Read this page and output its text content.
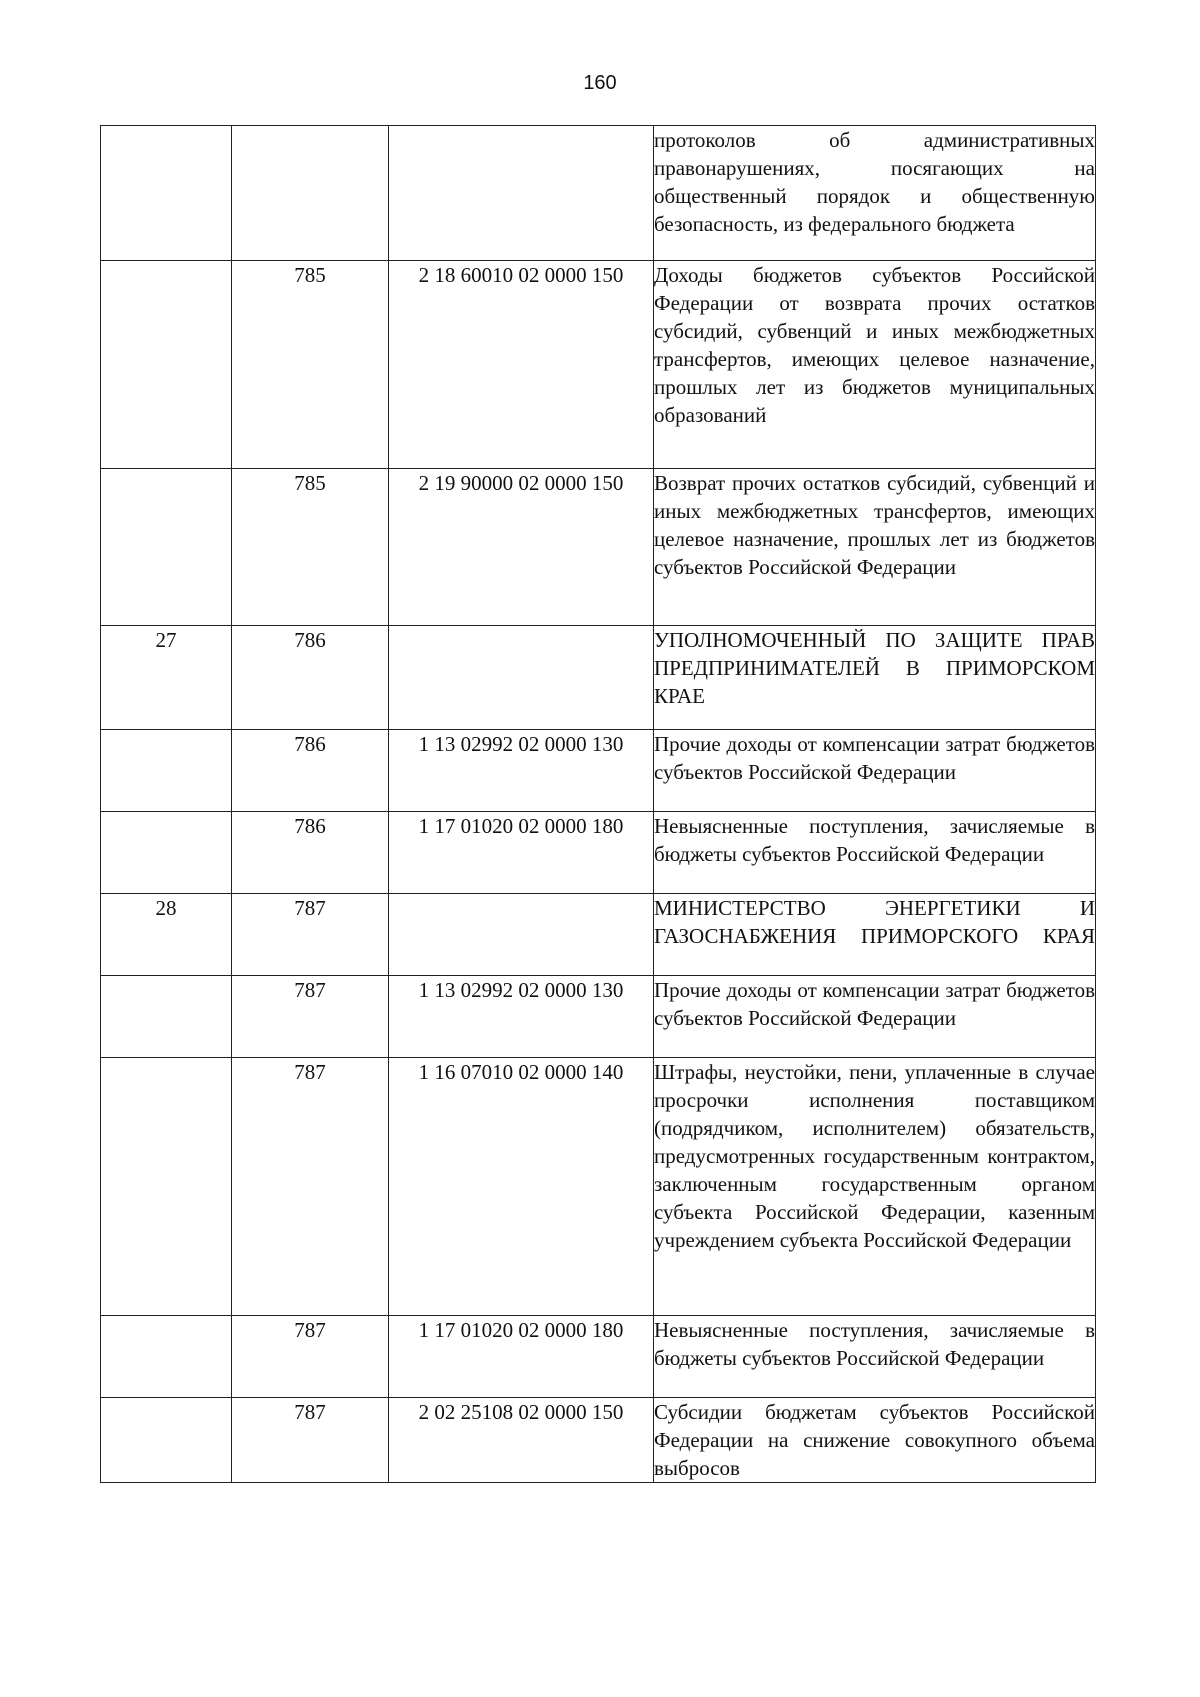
160
			протоколов об административных правонарушениях, посягающих на общественный порядок и общественную безопасность, из федерального бюджета
	785	2 18 60010 02 0000 150	Доходы бюджетов субъектов Российской Федерации от возврата прочих остатков субсидий, субвенций и иных межбюджетных трансфертов, имеющих целевое назначение, прошлых лет из бюджетов муниципальных образований
	785	2 19 90000 02 0000 150	Возврат прочих остатков субсидий, субвенций и иных межбюджетных трансфертов, имеющих целевое назначение, прошлых лет из бюджетов субъектов Российской Федерации
27	786		УПОЛНОМОЧЕННЫЙ ПО ЗАЩИТЕ ПРАВ ПРЕДПРИНИМАТЕЛЕЙ В ПРИМОРСКОМ КРАЕ
	786	1 13 02992 02 0000 130	Прочие доходы от компенсации затрат бюджетов субъектов Российской Федерации
	786	1 17 01020 02 0000 180	Невыясненные поступления, зачисляемые в бюджеты субъектов Российской Федерации
28	787		МИНИСТЕРСТВО ЭНЕРГЕТИКИ И ГАЗОСНАБЖЕНИЯ ПРИМОРСКОГО КРАЯ
	787	1 13 02992 02 0000 130	Прочие доходы от компенсации затрат бюджетов субъектов Российской Федерации
	787	1 16 07010 02 0000 140	Штрафы, неустойки, пени, уплаченные в случае просрочки исполнения поставщиком (подрядчиком, исполнителем) обязательств, предусмотренных государственным контрактом, заключенным государственным органом субъекта Российской Федерации, казенным учреждением субъекта Российской Федерации
	787	1 17 01020 02 0000 180	Невыясненные поступления, зачисляемые в бюджеты субъектов Российской Федерации
	787	2 02 25108 02 0000 150	Субсидии бюджетам субъектов Российской Федерации на снижение совокупного объема выбросов
